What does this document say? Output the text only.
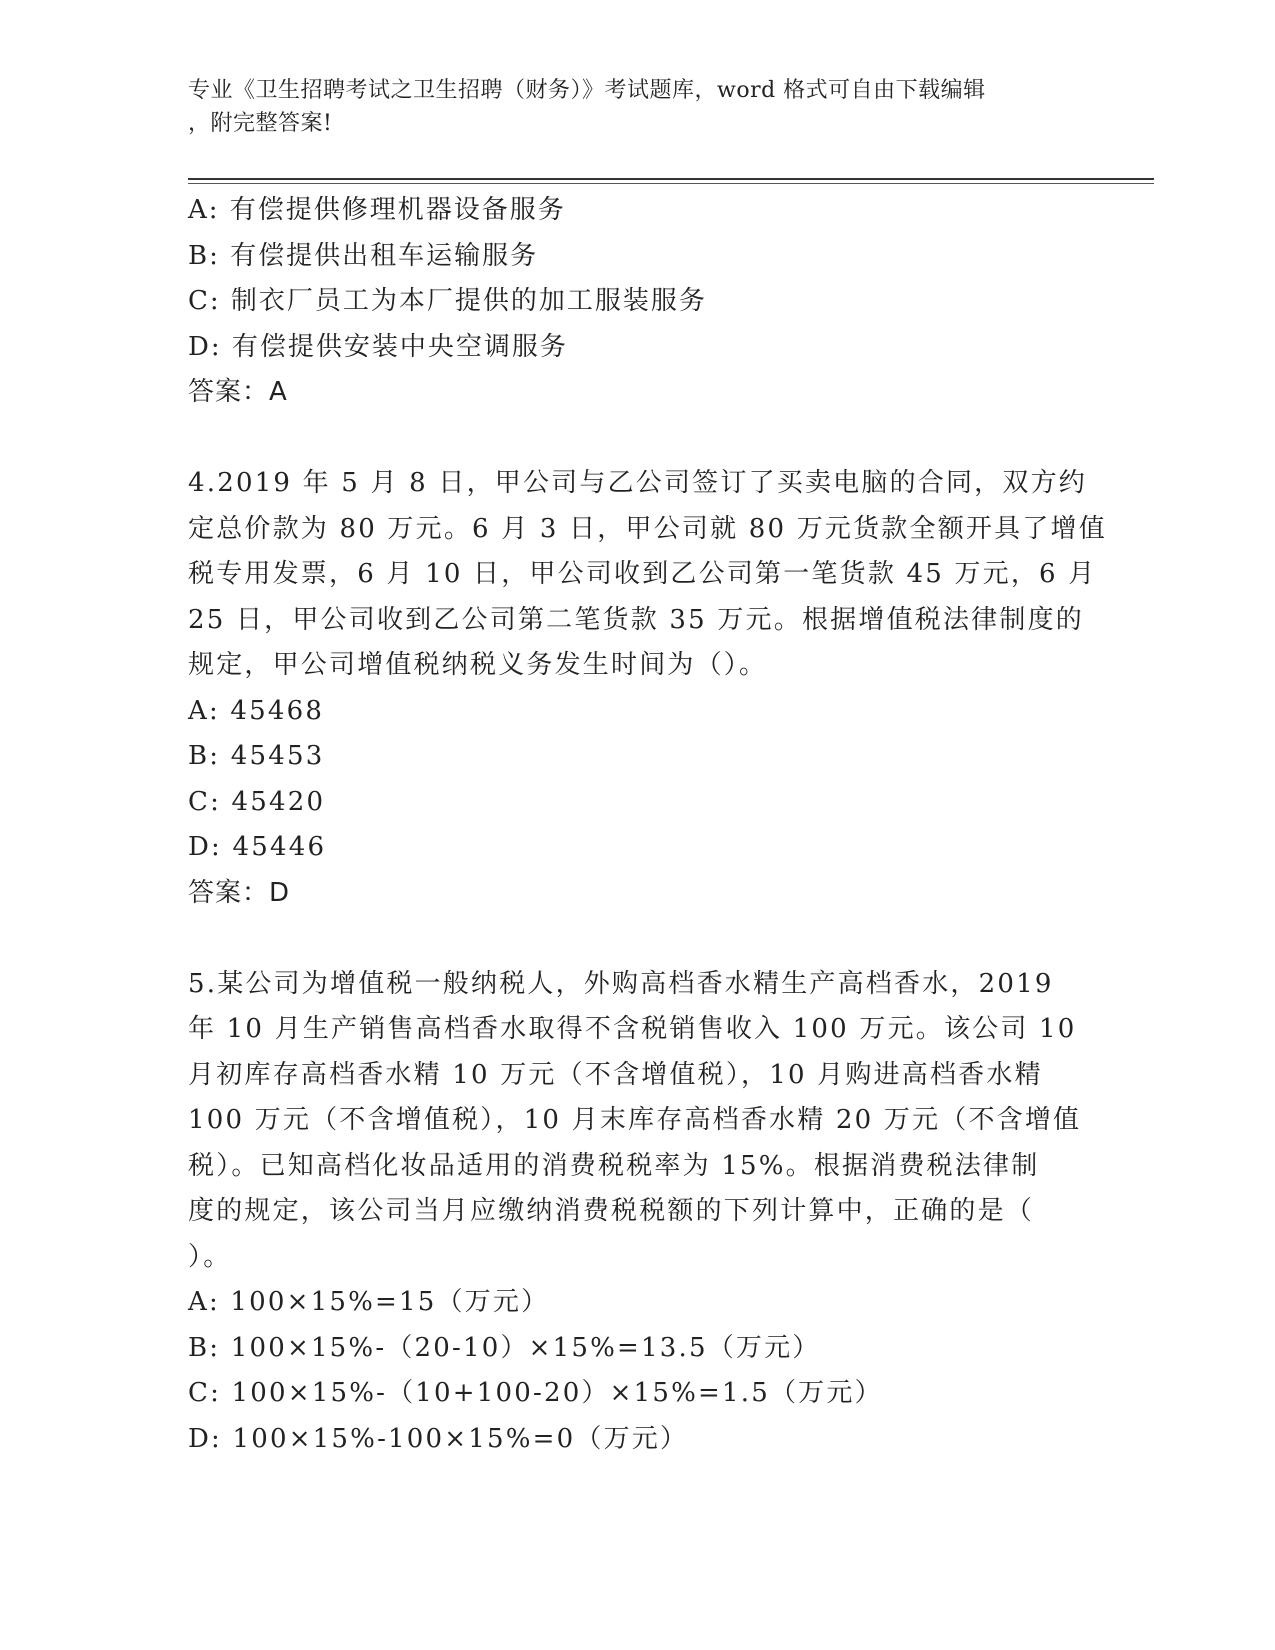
专业《卫生招聘考试之卫生招聘（财务）》考试题库，word 格式可自由下载编辑
，附完整答案!
A: 有偿提供修理机器设备服务
B: 有偿提供出租车运输服务
C: 制衣厂员工为本厂提供的加工服装服务
D: 有偿提供安装中央空调服务
答案：A
4.2019 年 5 月 8 日，甲公司与乙公司签订了买卖电脑的合同，双方约
定总价款为 80 万元。6 月 3 日，甲公司就 80 万元货款全额开具了增值
税专用发票，6 月 10 日，甲公司收到乙公司第一笔货款 45 万元，6 月
25 日，甲公司收到乙公司第二笔货款 35 万元。根据增值税法律制度的
规定，甲公司增值税纳税义务发生时间为（）。
A: 45468
B: 45453
C: 45420
D: 45446
答案：D
5.某公司为增值税一般纳税人，外购高档香水精生产高档香水，2019
年 10 月生产销售高档香水取得不含税销售收入 100 万元。该公司 10
月初库存高档香水精 10 万元（不含增值税），10 月购进高档香水精
100 万元（不含增值税），10 月末库存高档香水精 20 万元（不含增值
税）。已知高档化妆品适用的消费税税率为 15%。根据消费税法律制
度的规定，该公司当月应缴纳消费税税额的下列计算中，正确的是（
）。
A: 100×15%=15（万元）
B: 100×15%-（20-10）×15%=13.5（万元）
C: 100×15%-（10+100-20）×15%=1.5（万元）
D: 100×15%-100×15%=0（万元）
